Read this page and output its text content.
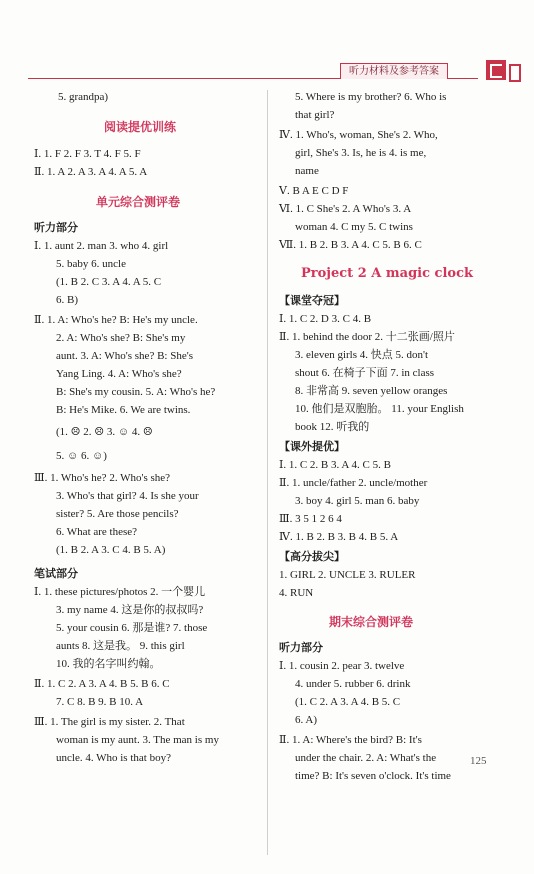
听力材料及参考答案
5. grandpa)
阅读提优训练
Ⅰ. 1. F 2. F 3. T 4. F 5. F
Ⅱ. 1. A 2. A 3. A 4. A 5. A
单元综合测评卷
听力部分
Ⅰ. 1. aunt 2. man 3. who 4. girl
5. baby 6. uncle
(1. B 2. C 3. A 4. A 5. C
6. B)
Ⅱ. 1. A: Who's he? B: He's my uncle.
2. A: Who's she? B: She's my
aunt. 3. A: Who's she? B: She's
Yang Ling. 4. A: Who's she?
B: She's my cousin. 5. A: Who's he?
B: He's Mike. 6. We are twins.
(1. ☹ 2. ☹ 3. ☺ 4. ☹
5. ☺ 6. ☺)
Ⅲ. 1. Who's he? 2. Who's she?
3. Who's that girl? 4. Is she your
sister? 5. Are those pencils?
6. What are these?
(1. B 2. A 3. C 4. B 5. A)
笔试部分
Ⅰ. 1. these pictures/photos 2. 一个婴儿
3. my name 4. 这是你的叔叔吗?
5. your cousin 6. 那是谁? 7. those
aunts 8. 这是我。 9. this girl
10. 我的名字叫约翰。
Ⅱ. 1. C 2. A 3. A 4. B 5. B 6. C
7. C 8. B 9. B 10. A
Ⅲ. 1. The girl is my sister. 2. That
woman is my aunt. 3. The man is my
uncle. 4. Who is that boy?
5. Where is my brother? 6. Who is
that girl?
Ⅳ. 1. Who's, woman, She's 2. Who,
girl, She's 3. Is, he is 4. is me,
name
Ⅴ. B A E C D F
Ⅵ. 1. C She's 2. A Who's 3. A
woman 4. C my 5. C twins
Ⅶ. 1. B 2. B 3. A 4. C 5. B 6. C
Project 2 A magic clock
【课堂夺冠】
Ⅰ. 1. C 2. D 3. C 4. B
Ⅱ. 1. behind the door 2. 十二张画/照片
3. eleven girls 4. 快点 5. don't
shout 6. 在椅子下面 7. in class
8. 非常高 9. seven yellow oranges
10. 他们是双胞胎。 11. your English
book 12. 听我的
【课外提优】
Ⅰ. 1. C 2. B 3. A 4. C 5. B
Ⅱ. 1. uncle/father 2. uncle/mother
3. boy 4. girl 5. man 6. baby
Ⅲ. 3 5 1 2 6 4
Ⅳ. 1. B 2. B 3. B 4. B 5. A
【高分拔尖】
1. GIRL 2. UNCLE 3. RULER
4. RUN
期末综合测评卷
听力部分
Ⅰ. 1. cousin 2. pear 3. twelve
4. under 5. rubber 6. drink
(1. C 2. A 3. A 4. B 5. C
6. A)
Ⅱ. 1. A: Where's the bird? B: It's
under the chair. 2. A: What's the
time? B: It's seven o'clock. It's time
125
